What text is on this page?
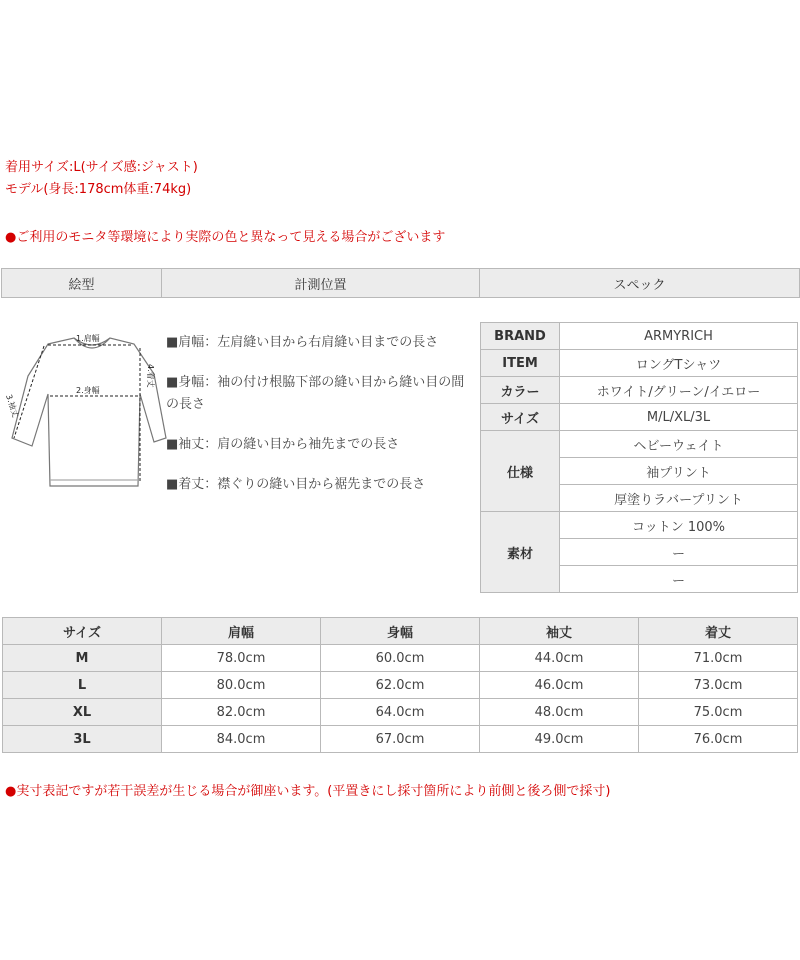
着用サイズ:L(サイズ感:ジャスト)
モデル(身長:178cm体重:74kg)
●ご利用のモニタ等環境により実際の色と異なって見える場合がございます
絵型	計測位置	スペック
1.肩幅
2.身幅
3.袖丈
4.着丈
■肩幅：左肩縫い目から右肩縫い目までの長さ
■身幅：袖の付け根脇下部の縫い目から縫い目の間の長さ
■袖丈：肩の縫い目から袖先までの長さ
■着丈：襟ぐりの縫い目から裾先までの長さ
BRAND	ARMYRICH
ITEM	ロングTシャツ
カラー	ホワイト/グリーン/イエロー
サイズ	M/L/XL/3L
仕様	ヘビーウェイト
	袖プリント
	厚塗りラバープリント
素材	コットン 100%
	ー
	ー
サイズ	肩幅	身幅	袖丈	着丈
M	78.0cm	60.0cm	44.0cm	71.0cm
L	80.0cm	62.0cm	46.0cm	73.0cm
XL	82.0cm	64.0cm	48.0cm	75.0cm
3L	84.0cm	67.0cm	49.0cm	76.0cm
●実寸表記ですが若干誤差が生じる場合が御座います。(平置きにし採寸箇所により前側と後ろ側で採寸)
